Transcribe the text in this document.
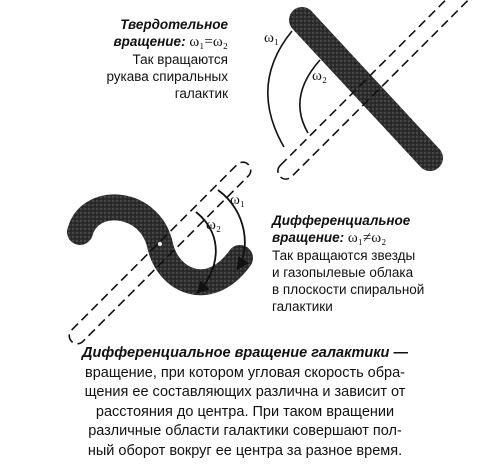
Твердотельное
вращение: ω₁=ω₂
Так вращаются
рукава спиральных
галактик
ω₁
ω₂
Дифференциальное
вращение: ω₁≠ω₂
Так вращаются звезды
и газопылевые облака
в плоскости спиральной
галактики
ω₁
ω₂
Дифференциальное вращение галактики —
вращение, при котором угловая скорость обра-
щения ее составляющих различна и зависит от
расстояния до центра. При таком вращении
различные области галактики совершают пол-
ный оборот вокруг ее центра за разное время.
